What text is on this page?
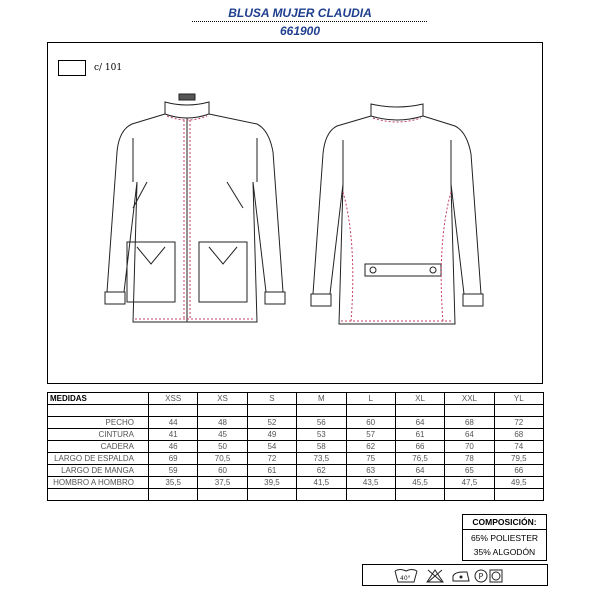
BLUSA MUJER CLAUDIA
661900
c/ 101
MEDIDAS	XSS	XS	S	M	L	XL	XXL	YL

PECHO	44	48	52	56	60	64	68	72
CINTURA	41	45	49	53	57	61	64	68
CADERA	46	50	54	58	62	66	70	74
LARGO DE ESPALDA	69	70,5	72	73,5	75	76,5	78	79,5
LARGO DE MANGA	59	60	61	62	63	64	65	66
HOMBRO A HOMBRO	35,5	37,5	39,5	41,5	43,5	45,5	47,5	49,5

COMPOSICIÓN:
65% POLIESTER
35% ALGODÓN
40°	P
